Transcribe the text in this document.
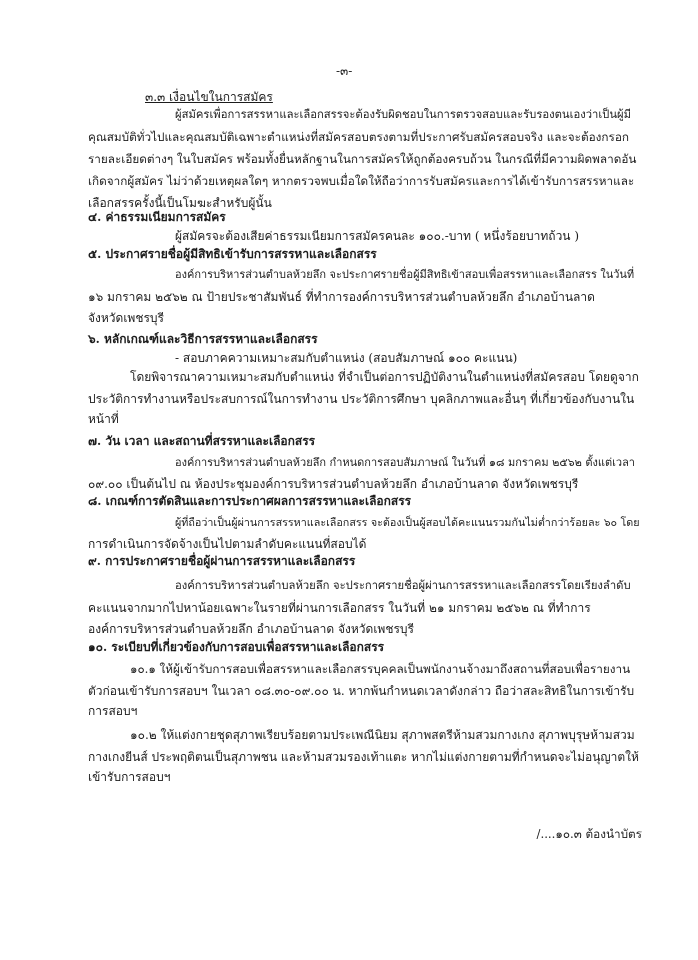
-๓-
๓.๓ เงื่อนไขในการสมัคร
ผู้สมัครเพื่อการสรรหาและเลือกสรรจะต้องรับผิดชอบในการตรวจสอบและรับรองตนเองว่าเป็นผู้มี
คุณสมบัติทั่วไปและคุณสมบัติเฉพาะตำแหน่งที่สมัครสอบตรงตามที่ประกาศรับสมัครสอบจริง และจะต้องกรอก
รายละเอียดต่างๆ ในใบสมัคร พร้อมทั้งยื่นหลักฐานในการสมัครให้ถูกต้องครบถ้วน ในกรณีที่มีความผิดพลาดอัน
เกิดจากผู้สมัคร ไม่ว่าด้วยเหตุผลใดๆ หากตรวจพบเมื่อใดให้ถือว่าการรับสมัครและการได้เข้ารับการสรรหาและ
เลือกสรรครั้งนี้เป็นโมฆะสำหรับผู้นั้น
๔. ค่าธรรมเนียมการสมัคร
ผู้สมัครจะต้องเสียค่าธรรมเนียมการสมัครคนละ ๑๐๐.-บาท ( หนึ่งร้อยบาทถ้วน )
๕. ประกาศรายชื่อผู้มีสิทธิเข้ารับการสรรหาและเลือกสรร
องค์การบริหารส่วนตำบลห้วยลึก จะประกาศรายชื่อผู้มีสิทธิเข้าสอบเพื่อสรรหาและเลือกสรร ในวันที่
๑๖ มกราคม ๒๕๖๒ ณ ป้ายประชาสัมพันธ์ ที่ทำการองค์การบริหารส่วนตำบลห้วยลึก อำเภอบ้านลาด
จังหวัดเพชรบุรี
๖. หลักเกณฑ์และวิธีการสรรหาและเลือกสรร
- สอบภาคความเหมาะสมกับตำแหน่ง (สอบสัมภาษณ์ ๑๐๐ คะแนน)
โดยพิจารณาความเหมาะสมกับตำแหน่ง ที่จำเป็นต่อการปฏิบัติงานในตำแหน่งที่สมัครสอบ โดยดูจาก
ประวัติการทำงานหรือประสบการณ์ในการทำงาน ประวัติการศึกษา บุคลิกภาพและอื่นๆ ที่เกี่ยวข้องกับงานใน
หน้าที่
๗. วัน เวลา และสถานที่สรรหาและเลือกสรร
องค์การบริหารส่วนตำบลห้วยลึก กำหนดการสอบสัมภาษณ์ ในวันที่ ๑๘ มกราคม ๒๕๖๒ ตั้งแต่เวลา
๐๙.๐๐ เป็นต้นไป ณ ห้องประชุมองค์การบริหารส่วนตำบลห้วยลึก อำเภอบ้านลาด จังหวัดเพชรบุรี
๘. เกณฑ์การตัดสินและการประกาศผลการสรรหาและเลือกสรร
ผู้ที่ถือว่าเป็นผู้ผ่านการสรรหาและเลือกสรร จะต้องเป็นผู้สอบได้คะแนนรวมกันไม่ต่ำกว่าร้อยละ ๖๐ โดย
การดำเนินการจัดจ้างเป็นไปตามลำดับคะแนนที่สอบได้
๙. การประกาศรายชื่อผู้ผ่านการสรรหาและเลือกสรร
องค์การบริหารส่วนตำบลห้วยลึก จะประกาศรายชื่อผู้ผ่านการสรรหาและเลือกสรรโดยเรียงลำดับ
คะแนนจากมากไปหาน้อยเฉพาะในรายที่ผ่านการเลือกสรร ในวันที่ ๒๑ มกราคม ๒๕๖๒ ณ ที่ทำการ
องค์การบริหารส่วนตำบลห้วยลึก อำเภอบ้านลาด จังหวัดเพชรบุรี
๑๐. ระเบียบที่เกี่ยวข้องกับการสอบเพื่อสรรหาและเลือกสรร
๑๐.๑ ให้ผู้เข้ารับการสอบเพื่อสรรหาและเลือกสรรบุคคลเป็นพนักงานจ้างมาถึงสถานที่สอบเพื่อรายงาน
ตัวก่อนเข้ารับการสอบฯ ในเวลา ๐๘.๓๐-๐๙.๐๐ น. หากพ้นกำหนดเวลาดังกล่าว ถือว่าสละสิทธิในการเข้ารับ
การสอบฯ
๑๐.๒ ให้แต่งกายชุดสุภาพเรียบร้อยตามประเพณีนิยม สุภาพสตรีห้ามสวมกางเกง สุภาพบุรุษห้ามสวม
กางเกงยีนส์ ประพฤติตนเป็นสุภาพชน และห้ามสวมรองเท้าแตะ หากไม่แต่งกายตามที่กำหนดจะไม่อนุญาตให้
เข้ารับการสอบฯ
/....๑๐.๓ ต้องนำบัตร
